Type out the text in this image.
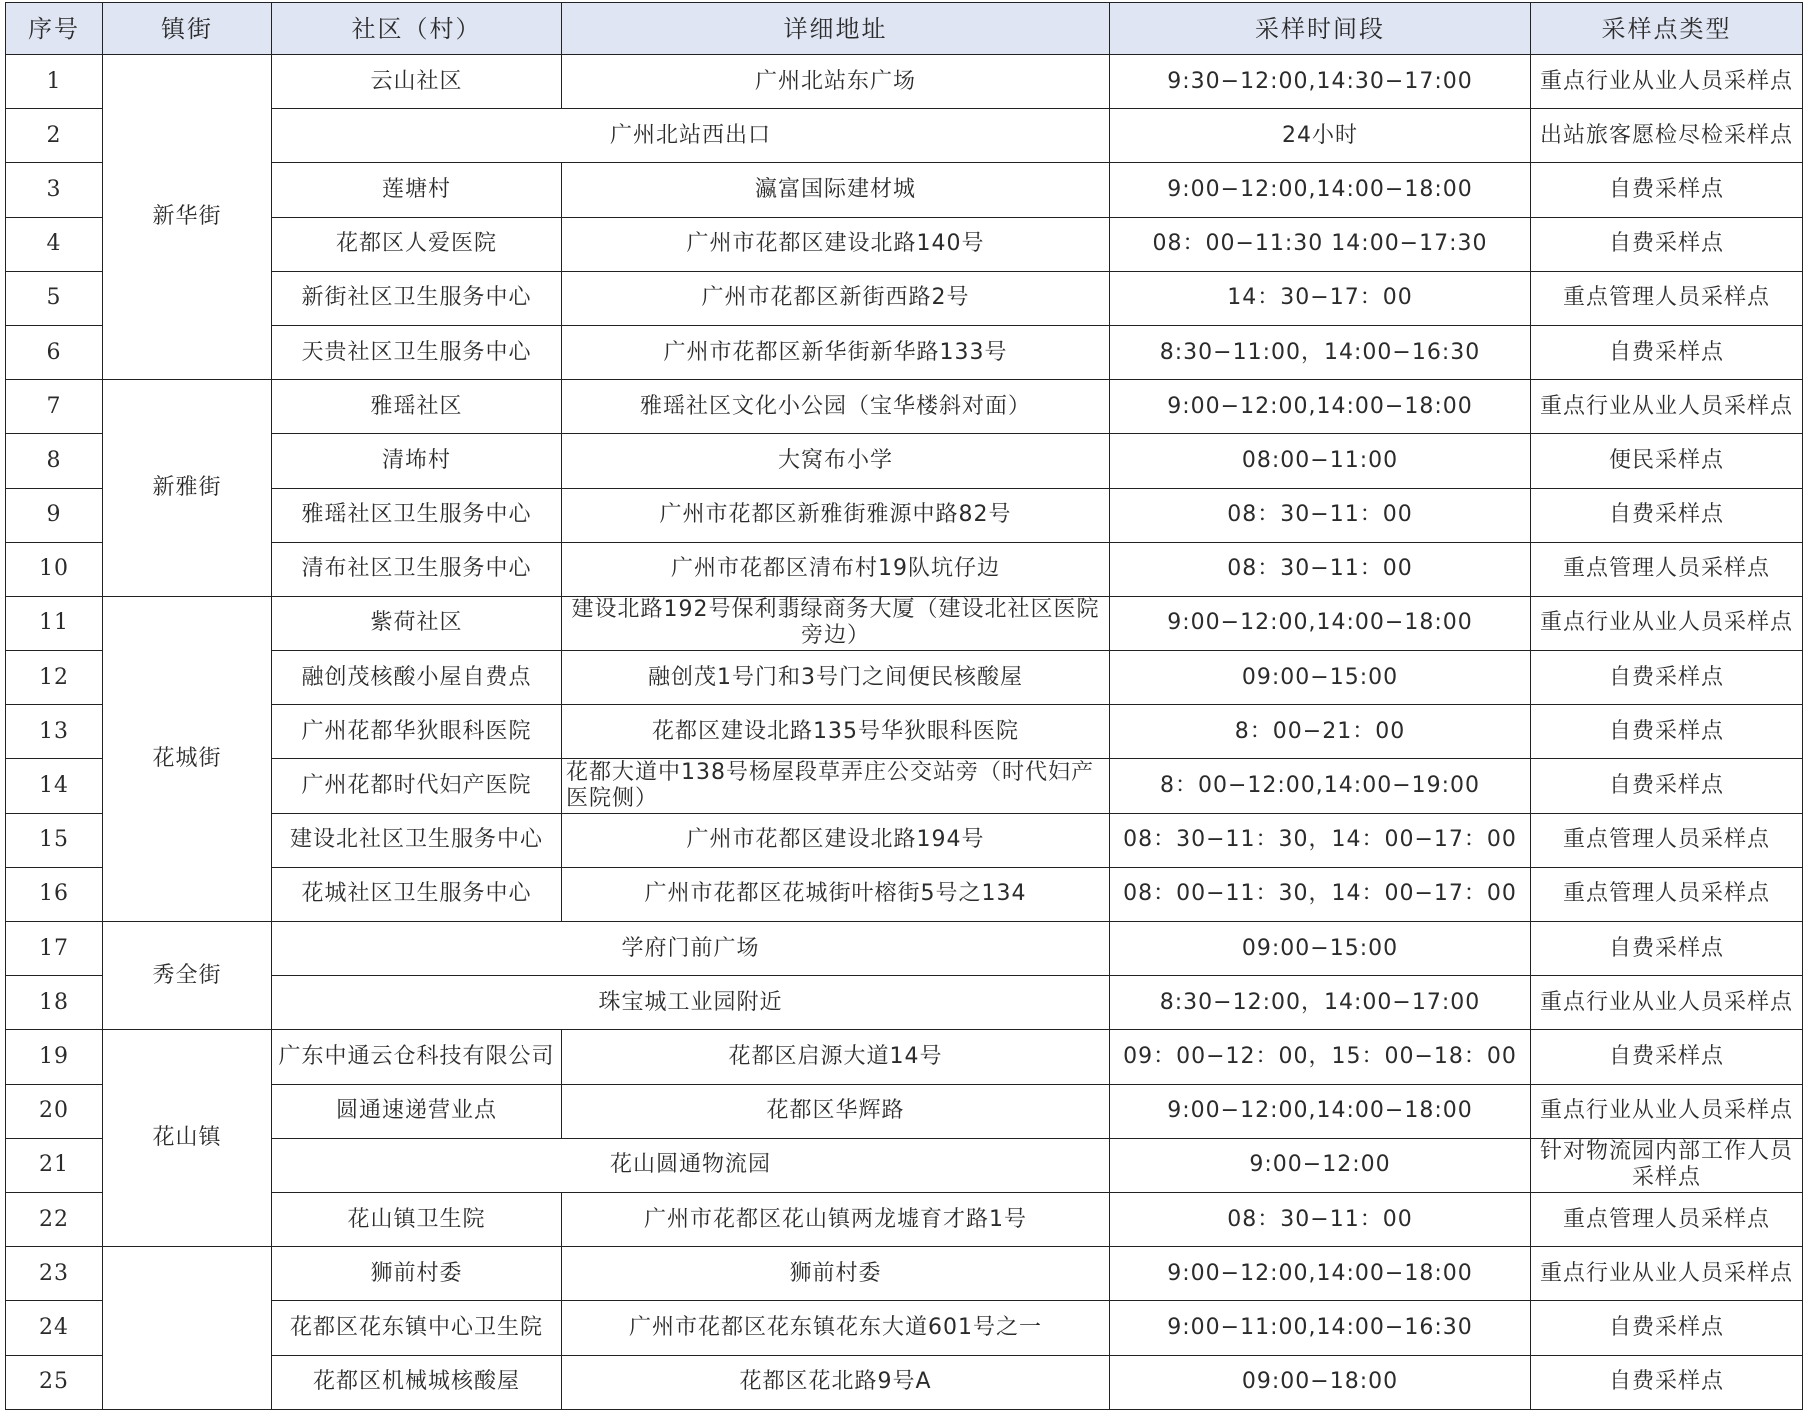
序号	镇街	社区（村）	详细地址	采样时间段	采样点类型
1	新华街	云山社区	广州北站东广场	9:30−12:00,14:30−17:00	重点行业从业人员采样点
2		广州北站西出口		24小时	出站旅客愿检尽检采样点
3		莲塘村	瀛富国际建材城	9:00−12:00,14:00−18:00	自费采样点
4		花都区人爱医院	广州市花都区建设北路140号	08：00−11:30 14:00−17:30	自费采样点
5		新街社区卫生服务中心	广州市花都区新街西路2号	14：30−17：00	重点管理人员采样点
6		天贵社区卫生服务中心	广州市花都区新华街新华路133号	8:30−11:00，14:00−16:30	自费采样点
7	新雅街	雅瑶社区	雅瑶社区文化小公园（宝华楼斜对面）	9:00−12:00,14:00−18:00	重点行业从业人员采样点
8		清㘵村	大窝布小学	08:00−11:00	便民采样点
9		雅瑶社区卫生服务中心	广州市花都区新雅街雅源中路82号	08：30−11：00	自费采样点
10		清布社区卫生服务中心	广州市花都区清布村19队坑仔边	08：30−11：00	重点管理人员采样点
11	花城街	紫荷社区	建设北路192号保利翡绿商务大厦（建设北社区医院旁边）	9:00−12:00,14:00−18:00	重点行业从业人员采样点
12		融创茂核酸小屋自费点	融创茂1号门和3号门之间便民核酸屋	09:00−15:00	自费采样点
13		广州花都华狄眼科医院	花都区建设北路135号华狄眼科医院	8：00−21：00	自费采样点
14		广州花都时代妇产医院	花都大道中138号杨屋段草弄庄公交站旁（时代妇产医院侧）	8：00−12:00,14:00−19:00	自费采样点
15		建设北社区卫生服务中心	广州市花都区建设北路194号	08：30−11：30，14：00−17：00	重点管理人员采样点
16		花城社区卫生服务中心	广州市花都区花城街叶榕街5号之134	08：00−11：30，14：00−17：00	重点管理人员采样点
17	秀全街	学府门前广场		09:00−15:00	自费采样点
18		珠宝城工业园附近		8:30−12:00，14:00−17:00	重点行业从业人员采样点
19	花山镇	广东中通云仓科技有限公司	花都区启源大道14号	09：00−12：00，15：00−18：00	自费采样点
20		圆通速递营业点	花都区华辉路	9:00−12:00,14:00−18:00	重点行业从业人员采样点
21		花山圆通物流园		9:00−12:00	针对物流园内部工作人员采样点
22		花山镇卫生院	广州市花都区花山镇两龙墟育才路1号	08：30−11：00	重点管理人员采样点
23		狮前村委	狮前村委	9:00−12:00,14:00−18:00	重点行业从业人员采样点
24		花都区花东镇中心卫生院	广州市花都区花东镇花东大道601号之一	9:00−11:00,14:00−16:30	自费采样点
25		花都区机械城核酸屋	花都区花北路9号A	09:00−18:00	自费采样点
